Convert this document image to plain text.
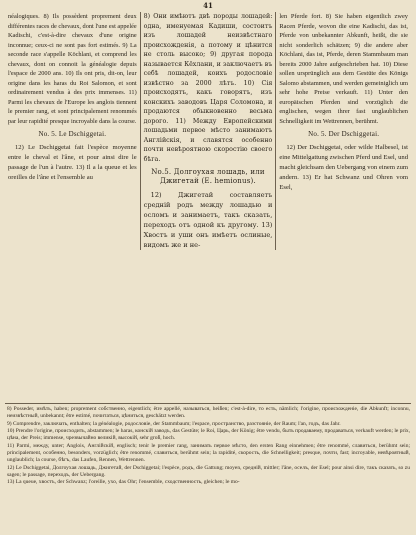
41

néalogiques. 8) Ils possèdent proprement deux différentes races de chevaux, dont l'une est appelée Kadischi, c'est-à-dire chevaux d'une origine inconnue; ceux-ci ne sont pas fort estimés. 9) La seconde race s'appelle Köchlani, et comprend les chevaux, dont on connoit la généalogie depuis l'espace de 2000 ans. 10) Ils ont pris, dit-on, leur origine dans les haras du Roi Salomon, et sont ordinairement vendus à des prix immenses. 11) Parmi les chevaux de l'Europe les anglois tiennent le premier rang, et sont principalement renommés par leur rapidité presque incroyable dans la course.

No. 5. Le Dschiggetai.
12) Le Dschiggetai fait l'espèce moyenne entre le cheval et l'âne, et pour ainsi dire le passage de l'un à l'autre. 13) Il a la queue et les oreilles de l'âne et l'ensemble au

8) Они имѣютъ двѣ породы лошадей: одна, именуемая Кадиши, состоитъ изъ лошадей неизвѣстнаго происхожденія, а потому и цѣнится не столь высоко; 9) другая порода называется Кёхлани, и заключаетъ въ себѣ лошадей, коихъ родословіе извѣстно за 2000 лѣтъ. 10) Сія происходятъ, какъ говорятъ, изъ конскихъ заводовъ Царя Соломона, и продаются обыкновенно весьма дорого. 11) Между Европейскими лошадьми первое мѣсто занимаютъ Англійскія, и славятся особенно почти невѣроятною скоростію своего бѣга.

No.5. Долгоухая лошадь, или Джигетай (E. hemionus).
12) Джигетай составляетъ средній родъ между лошадью и осломъ и занимаетъ, такъ сказать, переходъ отъ одной къ другому. 13) Хвостъ и уши онъ имѣетъ ослиные, видомъ же и не-

len Pferde fort. 8) Sie haben eigentlich zwey Racen Pferde, wovon die eine Kadischi, das ist, Pferde von unbekannter Abkunft, heißt, die sie nicht sonderlich schätzen; 9) die andere aber Köchlani, das ist, Pferde, deren Stammbaum man bereits 2000 Jahre aufgeschrieben hat. 10) Diese sollen ursprünglich aus dem Gestüte des Königs Salomo abstammen, und werden gemeiniglich um sehr hohe Preise verkauft. 11) Unter den europäischen Pferden sind vorzüglich die englischen, wegen ihrer fast unglaublichen Schnelligkeit im Wettrennen, berühmt.

No. 5. Der Dschiggetai.
12) Der Dschiggetai, oder wilde Halbesel, ist eine Mittelgattung zwischen Pferd und Esel, und macht gleichsam den Uebergang von einem zum andern. 13) Er hat Schwanz und Ohren vom Esel,

8) Posseder, имѣть, haben; proprement собственно, eigentlich; être appellé, называться, heißen; c'est-à-dire, то есть, nämlich; l'origine, происхожденіе, die Abkunft; inconnu, неизвѣстный, unbekannt; être estimé, почитаться, цѣниться, geschätzt werden.

9) Comprendre, заключать, enthalten; la généalogie, родословіе, der Stammbaum; l'espace, пространство, разстояніе, der Raum; l'an, годъ, das Jahr.

10) Prendre l'origine, происходить, abstammen; le haras, конскій заводъ, das Gestüte; le Roi, Царь, der König; être vendu, быть продаваему, продаваться, verkauft werden; le prix, цѣна, der Preis; immense, чрезвычайно великій, высокій, sehr groß, hoch.

11) Parmi, между, unter; Anglois, Англійскій, englisch; tenir le premier rang, занимать первое мѣсто, den ersten Rang einnehmen; être renommé, славиться, berühmt sein; principalement, особенно, besonders, vorzüglich; être renommé, славиться, berühmt sein; la rapidité, скорость, die Schnelligkeit; presque, почти, fast; incroyable, невѣроятный, unglaublich; la course, бѣгъ, das Laufen, Rennen, Wettrennen.

12) Le Dschiggetai, Долгоухая лошадь, Джигетай, der Dschiggetai; l'espèce, родъ, die Gattung; moyen, средній, mittler; l'âne, оселъ, der Esel; pour ainsi dire, такъ сказать, so zu sagen; le passage, переходъ, der Uebergang.

13) La queue, хвостъ, der Schwanz; l'oreille, ухо, das Ohr; l'ensemble, сходственность, gleichen; le mo-
